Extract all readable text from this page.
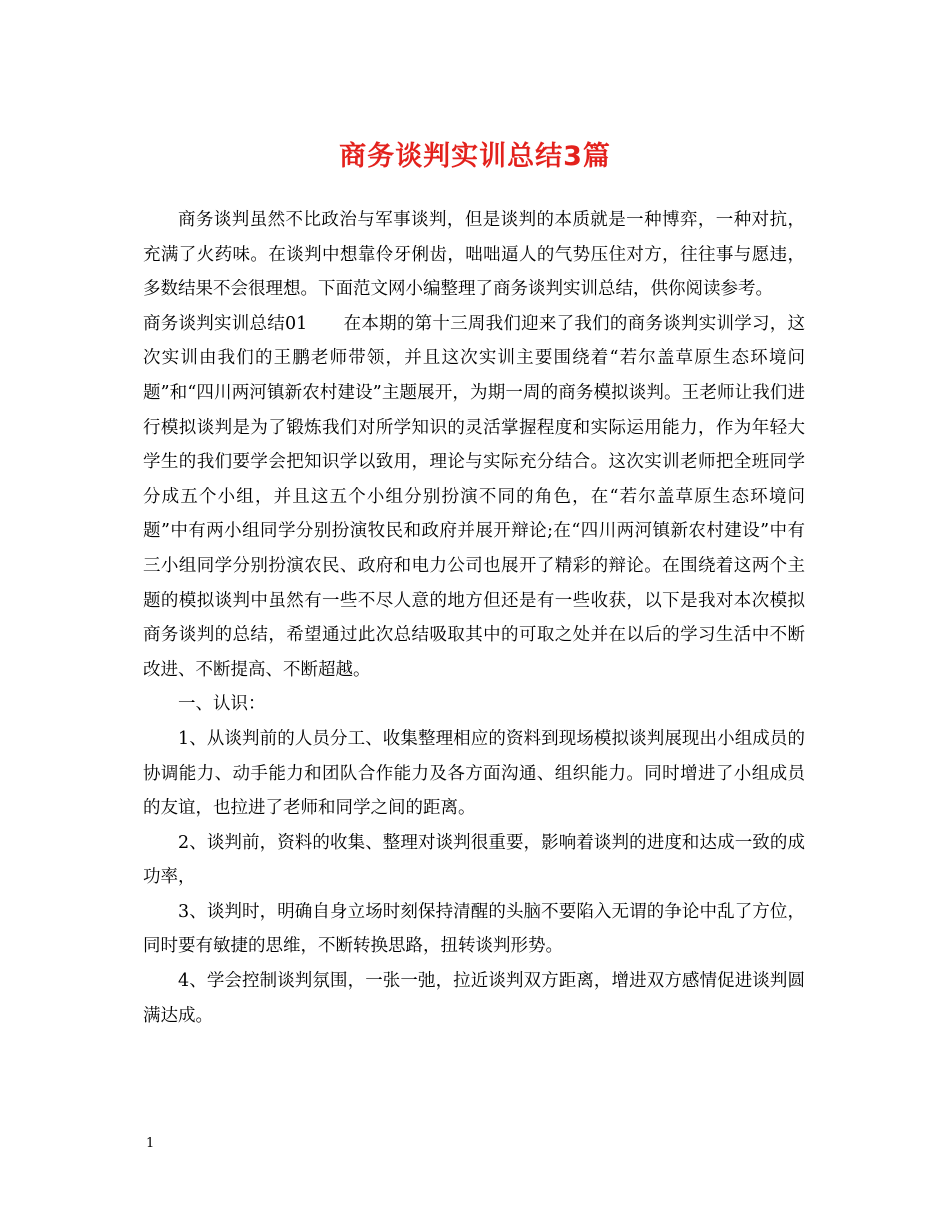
商务谈判实训总结3篇

商务谈判虽然不比政治与军事谈判，但是谈判的本质就是一种博弈，一种对抗，充满了火药味。在谈判中想靠伶牙俐齿，咄咄逼人的气势压住对方，往往事与愿违，多数结果不会很理想。下面范文网小编整理了商务谈判实训总结，供你阅读参考。

商务谈判实训总结01 在本期的第十三周我们迎来了我们的商务谈判实训学习，这次实训由我们的王鹏老师带领，并且这次实训主要围绕着“若尔盖草原生态环境问题”和“四川两河镇新农村建设”主题展开，为期一周的商务模拟谈判。王老师让我们进行模拟谈判是为了锻炼我们对所学知识的灵活掌握程度和实际运用能力，作为年轻大学生的我们要学会把知识学以致用，理论与实际充分结合。这次实训老师把全班同学分成五个小组，并且这五个小组分别扮演不同的角色，在“若尔盖草原生态环境问题”中有两小组同学分别扮演牧民和政府并展开辩论;在“四川两河镇新农村建设”中有三小组同学分别扮演农民、政府和电力公司也展开了精彩的辩论。在围绕着这两个主题的模拟谈判中虽然有一些不尽人意的地方但还是有一些收获，以下是我对本次模拟商务谈判的总结，希望通过此次总结吸取其中的可取之处并在以后的学习生活中不断改进、不断提高、不断超越。

一、认识：

1、从谈判前的人员分工、收集整理相应的资料到现场模拟谈判展现出小组成员的协调能力、动手能力和团队合作能力及各方面沟通、组织能力。同时增进了小组成员的友谊，也拉进了老师和同学之间的距离。

2、谈判前，资料的收集、整理对谈判很重要，影响着谈判的进度和达成一致的成功率，

3、谈判时，明确自身立场时刻保持清醒的头脑不要陷入无谓的争论中乱了方位，同时要有敏捷的思维，不断转换思路，扭转谈判形势。

4、学会控制谈判氛围，一张一弛，拉近谈判双方距离，增进双方感情促进谈判圆满达成。

1
